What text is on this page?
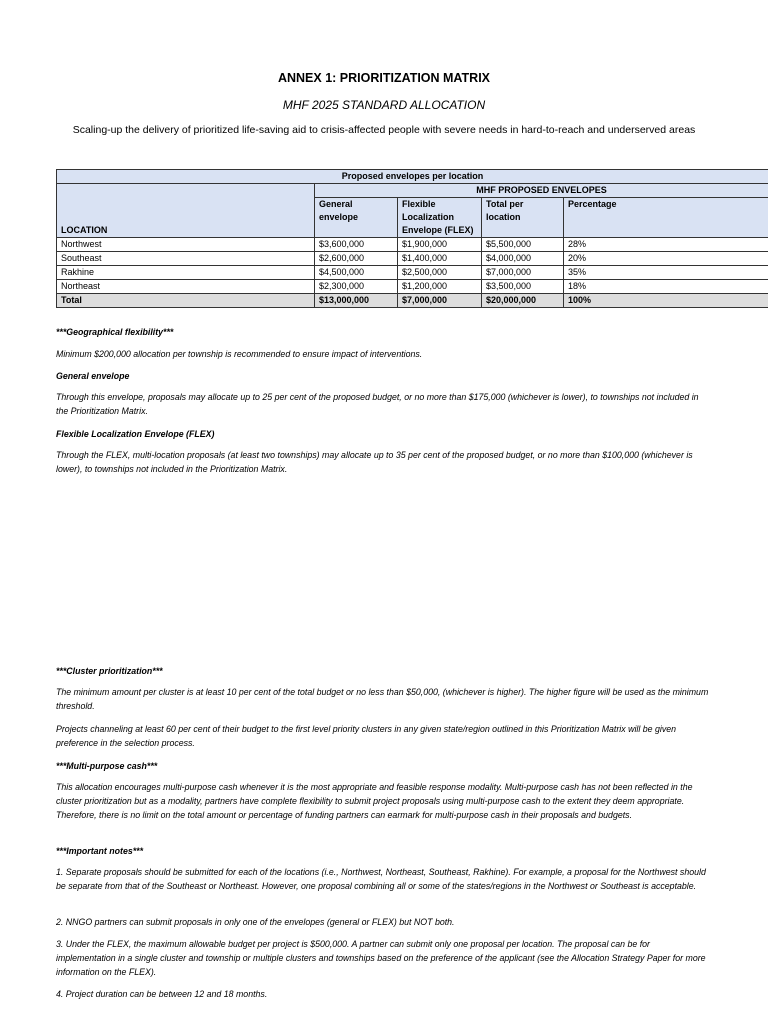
ANNEX 1: PRIORITIZATION MATRIX
MHF 2025 STANDARD ALLOCATION
Scaling-up the delivery of prioritized life-saving aid to crisis-affected people with severe needs in hard-to-reach and underserved areas
Proposed envelopes per location				
LOCATION	MHF PROPOSED ENVELOPES			
	General envelope	Flexible Localization Envelope (FLEX)	Total per location	Percentage
Northwest	$3,600,000	$1,900,000	$5,500,000	28%
Southeast	$2,600,000	$1,400,000	$4,000,000	20%
Rakhine	$4,500,000	$2,500,000	$7,000,000	35%
Northeast	$2,300,000	$1,200,000	$3,500,000	18%
Total	$13,000,000	$7,000,000	$20,000,000	100%
***Geographical flexibility***
Minimum $200,000 allocation per township is recommended to ensure impact of interventions.
General envelope
Through this envelope, proposals may allocate up to 25 per cent of the proposed budget, or no more than $175,000 (whichever is lower), to townships not included in the Prioritization Matrix.
Flexible Localization Envelope (FLEX)
Through the FLEX, multi-location proposals (at least two townships) may allocate up to 35 per cent of the proposed budget, or no more than $100,000 (whichever is lower), to townships not included in the Prioritization Matrix.
***Cluster prioritization***
The minimum amount per cluster is at least 10 per cent of the total budget or no less than $50,000, (whichever is higher). The higher figure will be used as the minimum threshold.
Projects channeling at least 60 per cent of their budget to the first level priority clusters in any given state/region outlined in this Prioritization Matrix will be given preference in the selection process.
***Multi-purpose cash***
This allocation encourages multi-purpose cash whenever it is the most appropriate and feasible response modality. Multi-purpose cash has not been reflected in the cluster prioritization but as a modality, partners have complete flexibility to submit project proposals using multi-purpose cash to the extent they deem appropriate. Therefore, there is no limit on the total amount or percentage of funding partners can earmark for multi-purpose cash in their proposals and budgets.
***Important notes***
1. Separate proposals should be submitted for each of the locations (i.e., Northwest, Northeast, Southeast, Rakhine). For example, a proposal for the Northwest should be separate from that of the Southeast or Northeast. However, one proposal combining all or some of the states/regions in the Northwest or Southeast is acceptable.
2. NNGO partners can submit proposals in only one of the envelopes (general or FLEX) but NOT both.
3. Under the FLEX, the maximum allowable budget per project is $500,000. A partner can submit only one proposal per location. The proposal can be for implementation in a single cluster and township or multiple clusters and townships based on the preference of the applicant (see the Allocation Strategy Paper for more information on the FLEX).
4. Project duration can be between 12 and 18 months.
